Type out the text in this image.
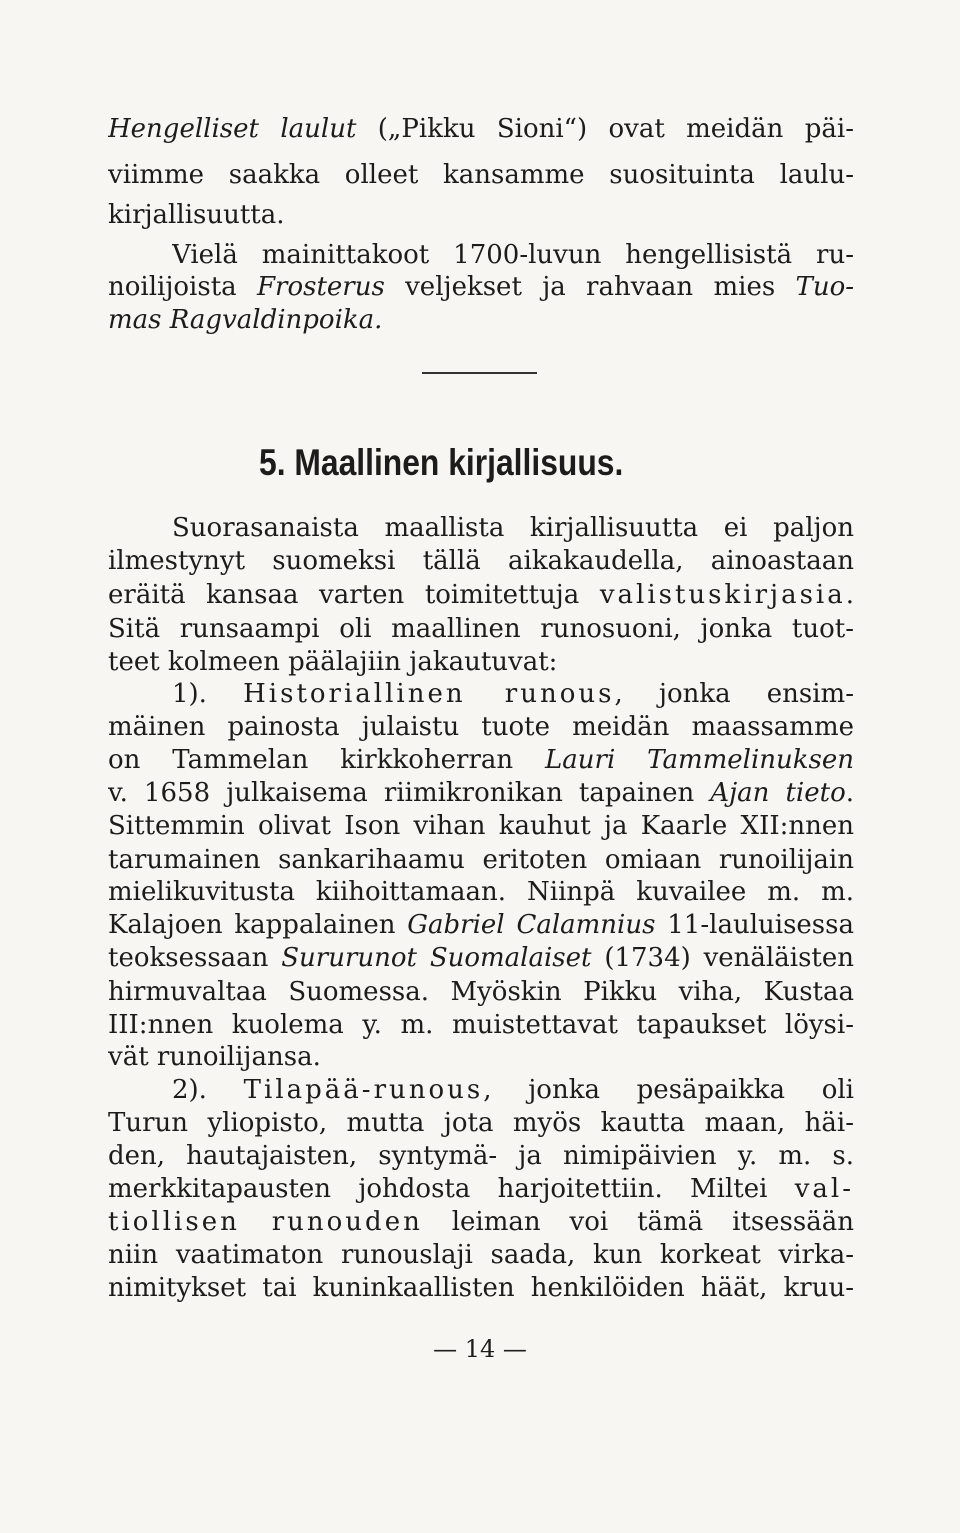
Hengelliset laulut („Pikku Sioni“) ovat meidän päi-
viimme saakka olleet kansamme suosituinta laulu-
kirjallisuutta.
Vielä mainittakoot 1700-luvun hengellisistä ru-
noilijoista Frosterus veljekset ja rahvaan mies Tuo-
mas Ragvaldinpoika.
5. Maallinen kirjallisuus.
Suorasanaista maallista kirjallisuutta ei paljon
ilmestynyt suomeksi tällä aikakaudella, ainoastaan
eräitä kansaa varten toimitettuja valistuskirjasia.
Sitä runsaampi oli maallinen runosuoni, jonka tuot-
teet kolmeen päälajiin jakautuvat:
1). Historiallinen runous, jonka ensim-
mäinen painosta julaistu tuote meidän maassamme
on Tammelan kirkkoherran Lauri Tammelinuksen
v. 1658 julkaisema riimikronikan tapainen Ajan tieto.
Sittemmin olivat Ison vihan kauhut ja Kaarle XII:nnen
tarumainen sankarihaamu eritoten omiaan runoilijain
mielikuvitusta kiihoittamaan. Niinpä kuvailee m. m.
Kalajoen kappalainen Gabriel Calamnius 11-lauluisessa
teoksessaan Sururunot Suomalaiset (1734) venäläisten
hirmuvaltaa Suomessa. Myöskin Pikku viha, Kustaa
III:nnen kuolema y. m. muistettavat tapaukset löysi-
vät runoilijansa.
2). Tilapää-runous, jonka pesäpaikka oli
Turun yliopisto, mutta jota myös kautta maan, häi-
den, hautajaisten, syntymä- ja nimipäivien y. m. s.
merkkitapausten johdosta harjoitettiin. Miltei val-
tiollisen runouden leiman voi tämä itsessään
niin vaatimaton runouslaji saada, kun korkeat virka-
nimitykset tai kuninkaallisten henkilöiden häät, kruu-
— 14 —
